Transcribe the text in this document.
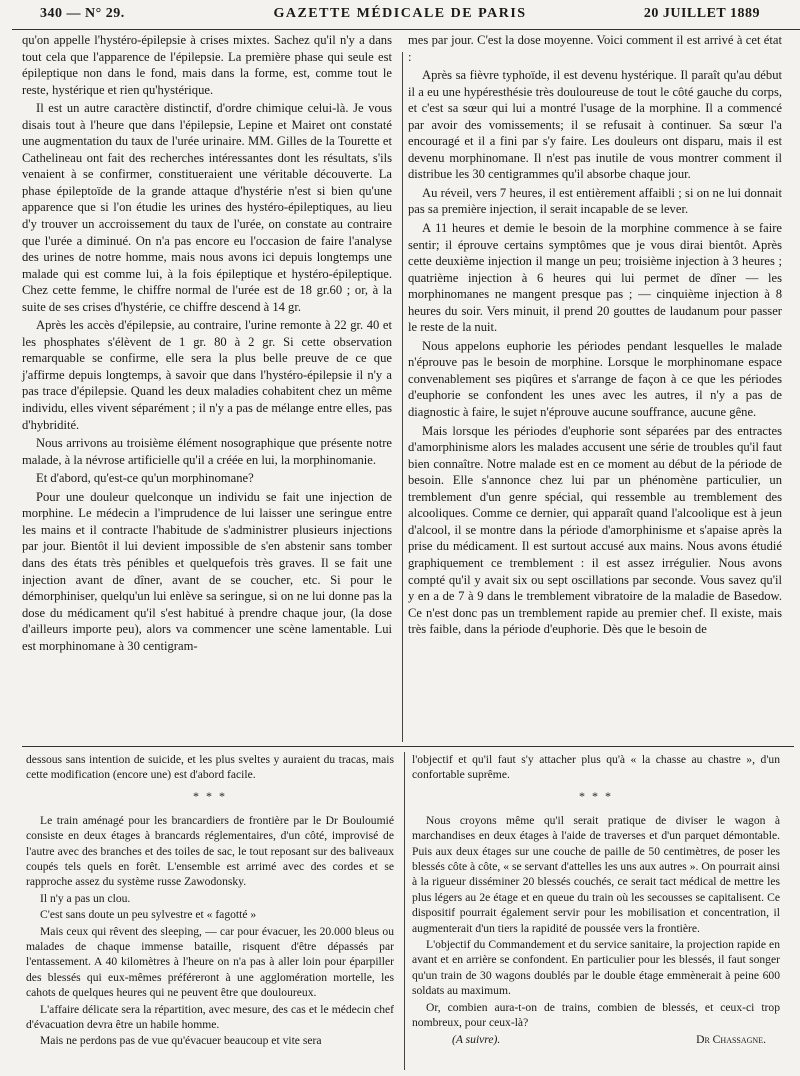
340 — N° 29.	GAZETTE MÉDICALE DE PARIS	20 JUILLET 1889

qu'on appelle l'hystéro-épilepsie à crises mixtes. Sachez qu'il n'y a dans tout cela que l'apparence de l'épilepsie. La première phase qui seule est épileptique non dans le fond, mais dans la forme, est, comme tout le reste, hystérique et rien qu'hystérique.

Il est un autre caractère distinctif, d'ordre chimique celui-là. Je vous disais tout à l'heure que dans l'épilepsie, Lepine et Mairet ont constaté une augmentation du taux de l'urée urinaire. MM. Gilles de la Tourette et Cathelineau ont fait des recherches intéressantes dont les résultats, s'ils venaient à se confirmer, constitueraient une véritable découverte. La phase épileptoïde de la grande attaque d'hystérie n'est si bien qu'une apparence que si l'on étudie les urines des hystéro-épileptiques, au lieu d'y trouver un accroissement du taux de l'urée, on constate au contraire que l'urée a diminué. On n'a pas encore eu l'occasion de faire l'analyse des urines de notre homme, mais nous avons ici depuis longtemps une malade qui est comme lui, à la fois épileptique et hystéro-épileptique. Chez cette femme, le chiffre normal de l'urée est de 18 gr.60 ; or, à la suite de ses crises d'hystérie, ce chiffre descend à 14 gr.

Après les accès d'épilepsie, au contraire, l'urine remonte à 22 gr. 40 et les phosphates s'élèvent de 1 gr. 80 à 2 gr. Si cette observation remarquable se confirme, elle sera la plus belle preuve de ce que j'affirme depuis longtemps, à savoir que dans l'hystéro-épilepsie il n'y a pas trace d'épilepsie. Quand les deux maladies cohabitent chez un même individu, elles vivent séparément ; il n'y a pas de mélange entre elles, pas d'hybridité.

Nous arrivons au troisième élément nosographique que présente notre malade, à la névrose artificielle qu'il a créée en lui, la morphinomanie.

Et d'abord, qu'est-ce qu'un morphinomane?

Pour une douleur quelconque un individu se fait une injection de morphine. Le médecin a l'imprudence de lui laisser une seringue entre les mains et il contracte l'habitude de s'administrer plusieurs injections par jour. Bientôt il lui devient impossible de s'en abstenir sans tomber dans des états très pénibles et quelquefois très graves. Il se fait une injection avant de dîner, avant de se coucher, etc. Si pour le démorphiniser, quelqu'un lui enlève sa seringue, si on ne lui donne pas la dose du médicament qu'il s'est habitué à prendre chaque jour, (la dose d'ailleurs importe peu), alors va commencer une scène lamentable. Lui est morphinomane à 30 centigram-

mes par jour. C'est la dose moyenne. Voici comment il est arrivé à cet état :

Après sa fièvre typhoïde, il est devenu hystérique. Il paraît qu'au début il a eu une hypéresthésie très douloureuse de tout le côté gauche du corps, et c'est sa sœur qui lui a montré l'usage de la morphine. Il a commencé par avoir des vomissements; il se refusait à continuer. Sa sœur l'a encouragé et il a fini par s'y faire. Les douleurs ont disparu, mais il est devenu morphinomane. Il n'est pas inutile de vous montrer comment il distribue les 30 centigrammes qu'il absorbe chaque jour.

Au réveil, vers 7 heures, il est entièrement affaibli ; si on ne lui donnait pas sa première injection, il serait incapable de se lever.

A 11 heures et demie le besoin de la morphine commence à se faire sentir; il éprouve certains symptômes que je vous dirai bientôt. Après cette deuxième injection il mange un peu; troisième injection à 3 heures ; quatrième injection à 6 heures qui lui permet de dîner — les morphinomanes ne mangent presque pas ; — cinquième injection à 8 heures du soir. Vers minuit, il prend 20 gouttes de laudanum pour passer le reste de la nuit.

Nous appelons euphorie les périodes pendant lesquelles le malade n'éprouve pas le besoin de morphine. Lorsque le morphinomane espace convenablement ses piqûres et s'arrange de façon à ce que les périodes d'euphorie se confondent les unes avec les autres, il n'y a pas de diagnostic à faire, le sujet n'éprouve aucune souffrance, aucune gêne.

Mais lorsque les périodes d'euphorie sont séparées par des entractes d'amorphinisme alors les malades accusent une série de troubles qu'il faut bien connaître. Notre malade est en ce moment au début de la période de besoin. Elle s'annonce chez lui par un phénomène particulier, un tremblement d'un genre spécial, qui ressemble au tremblement des alcooliques. Comme ce dernier, qui apparaît quand l'alcoolique est à jeun d'alcool, il se montre dans la période d'amorphinisme et s'apaise après la prise du médicament. Il est surtout accusé aux mains. Nous avons étudié graphiquement ce tremblement : il est assez irrégulier. Nous avons compté qu'il y avait six ou sept oscillations par seconde. Vous savez qu'il y en a de 7 à 9 dans le tremblement vibratoire de la maladie de Basedow. Ce n'est donc pas un tremblement rapide au premier chef. Il existe, mais très faible, dans la période d'euphorie. Dès que le besoin de

dessous sans intention de suicide, et les plus sveltes y auraient du tracas, mais cette modification (encore une) est d'abord facile.

* * *

Le train aménagé pour les brancardiers de frontière par le Dr Bouloumié consiste en deux étages à brancards réglementaires, d'un côté, improvisé de l'autre avec des branches et des toiles de sac, le tout reposant sur des baliveaux coupés tels quels en forêt. L'ensemble est arrimé avec des cordes et se rapproche assez du système russe Zawodonsky.

Il n'y a pas un clou.

C'est sans doute un peu sylvestre et « fagotté »

Mais ceux qui rêvent des sleeping, — car pour évacuer, les 20.000 bleus ou malades de chaque immense bataille, risquent d'être dépassés par l'entassement. A 40 kilomètres à l'heure on n'a pas à aller loin pour éparpiller des blessés qui eux-mêmes préféreront à une agglomération mortelle, les cahots de quelques heures qui ne peuvent être que douloureux.

L'affaire délicate sera la répartition, avec mesure, des cas et le médecin chef d'évacuation devra être un habile homme.

Mais ne perdons pas de vue qu'évacuer beaucoup et vite sera

l'objectif et qu'il faut s'y attacher plus qu'à « la chasse au chastre », d'un confortable suprême.

* * *

Nous croyons même qu'il serait pratique de diviser le wagon à marchandises en deux étages à l'aide de traverses et d'un parquet démontable. Puis aux deux étages sur une couche de paille de 50 centimètres, de poser les blessés côte à côte, « se servant d'attelles les uns aux autres ». On pourrait ainsi à la rigueur disséminer 20 blessés couchés, ce serait tact médical de mettre les plus légers au 2e étage et en queue du train où les secousses se capitalisent. Ce dispositif pourrait également servir pour les mobilisation et concentration, il augmenterait d'un tiers la rapidité de poussée vers la frontière.

L'objectif du Commandement et du service sanitaire, la projection rapide en avant et en arrière se confondent. En particulier pour les blessés, il faut songer qu'un train de 30 wagons doublés par le double étage emmènerait à peine 600 soldats au maximum.

Or, combien aura-t-on de trains, combien de blessés, et ceux-ci trop nombreux, pour ceux-là?

(A suivre).	Dr Chassagne.
